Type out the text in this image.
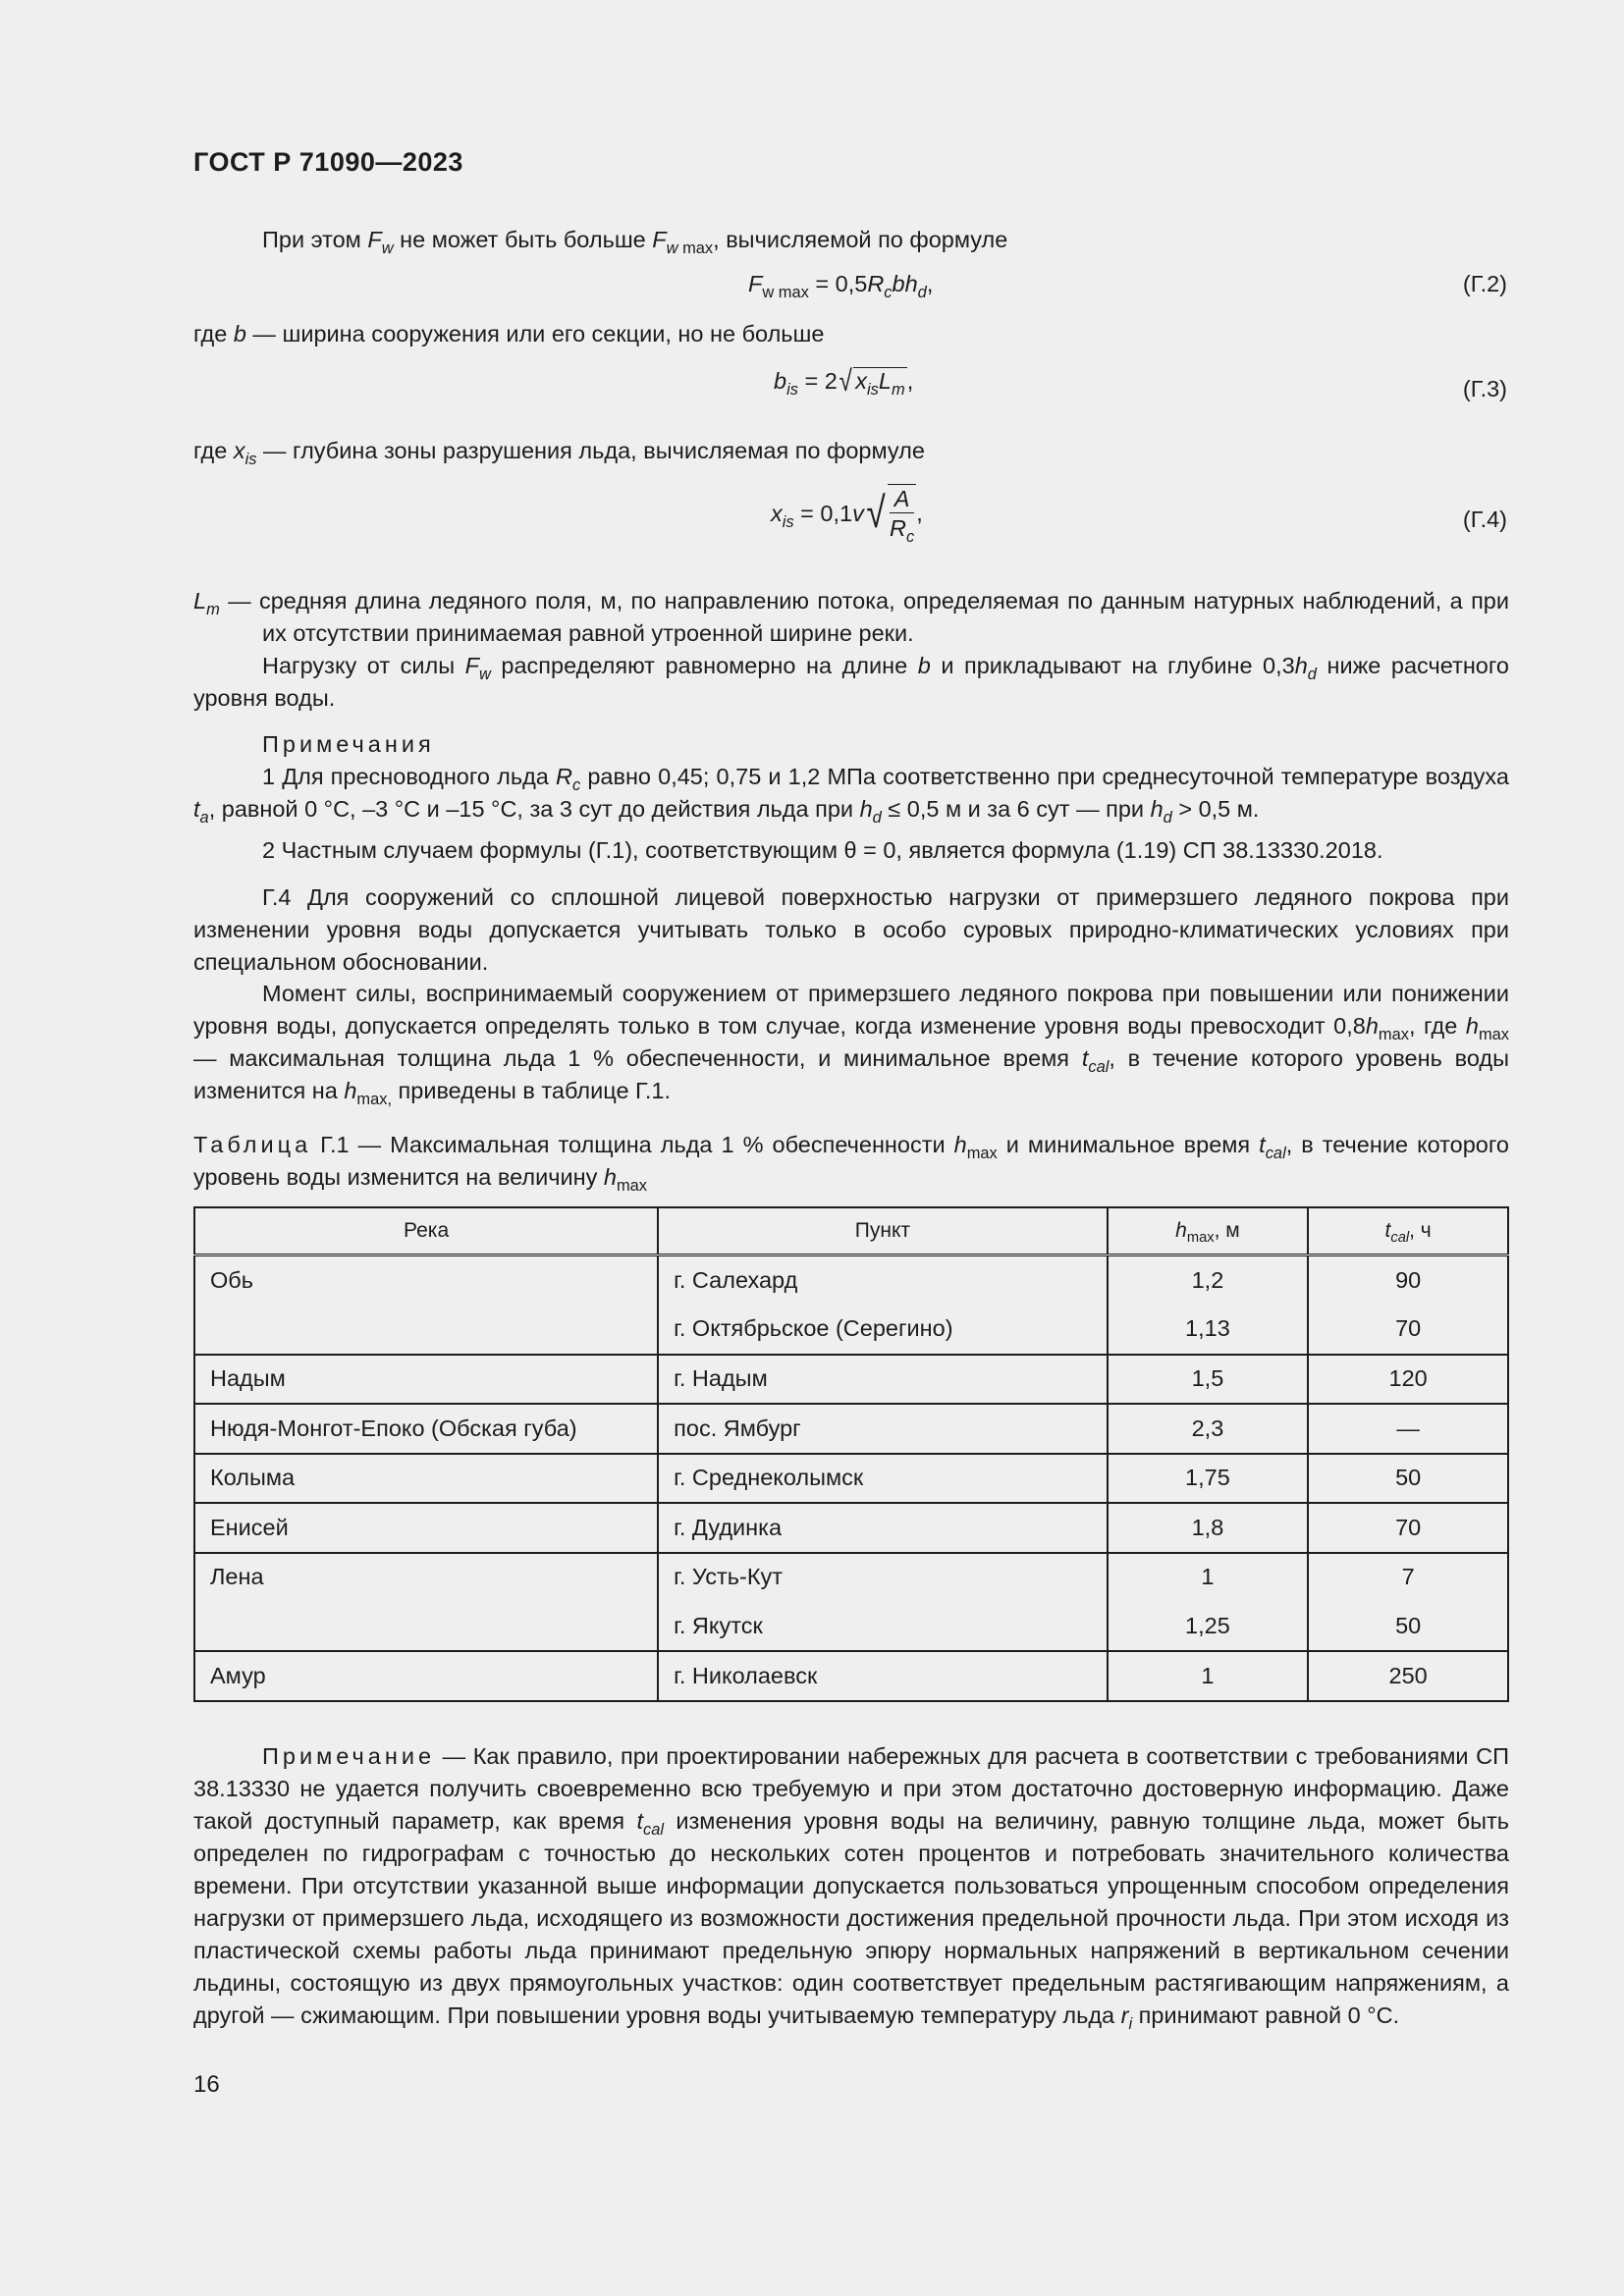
ГОСТ Р 71090—2023
При этом $F_w$ не может быть больше $F_{w max}$, вычисляемой по формуле
$F_{w max} = 0,5R_cbh_d$,	(Г.2)
где b — ширина сооружения или его секции, но не больше
$b_{is} = 2√$ $x_{is}L_m$,	(Г.3)
где $x_{is}$ — глубина зоны разрушения льда, вычисляемая по формуле
$x_{is} = 0,1v√ \frac{A}{R_c}$ ,	(Г.4)
$L_m$ — средняя длина ледяного поля, м, по направлению потока, определяемая по данным натурных наблюдений, а при их отсутствии принимаемая равной утроенной ширине реки.
Нагрузку от силы $F_w$ распределяют равномерно на длине b и прикладывают на глубине $0,3h_d$ ниже расчетного уровня воды.
Примечания
1 Для пресноводного льда $R_c$ равно 0,45; 0,75 и 1,2 МПа соответственно при среднесуточной температуре воздуха $t_a$, равной 0 °С, –3 °С и –15 °С, за 3 сут до действия льда при $h_d \le 0,5$ м и за 6 сут — при $h_d > 0,5$ м.
2 Частным случаем формулы (Г.1), соответствующим θ = 0, является формула (1.19) СП 38.13330.2018.
Г.4 Для сооружений со сплошной лицевой поверхностью нагрузки от примерзшего ледяного покрова при изменении уровня воды допускается учитывать только в особо суровых природно-климатических условиях при специальном обосновании.
Момент силы, воспринимаемый сооружением от примерзшего ледяного покрова при повышении или понижении уровня воды, допускается определять только в том случае, когда изменение уровня воды превосходит $0,8h_{max}$, где $h_{max}$ — максимальная толщина льда 1 % обеспеченности, и минимальное время $t_{cal}$, в течение которого уровень воды изменится на $h_{max,}$ приведены в таблице Г.1.
Таблица Г.1 — Максимальная толщина льда 1 % обеспеченности $h_{max}$ и минимальное время $t_{cal}$, в течение которого уровень воды изменится на величину $h_{max}$
Река	Пункт	$h_{max}$, м	$t_{cal}$, ч
Обь	г. Салехард	1,2	90
	г. Октябрьское (Серегино)	1,13	70
Надым	г. Надым	1,5	120
Нюдя-Монгот-Епоко (Обская губа)	пос. Ямбург	2,3	—
Колыма	г. Среднеколымск	1,75	50
Енисей	г. Дудинка	1,8	70
Лена	г. Усть-Кут	1	7
	г. Якутск	1,25	50
Амур	г. Николаевск	1	250
Примечание — Как правило, при проектировании набережных для расчета в соответствии с требованиями СП 38.13330 не удается получить своевременно всю требуемую и при этом достаточно достоверную информацию. Даже такой доступный параметр, как время $t_{cal}$ изменения уровня воды на величину, равную толщине льда, может быть определен по гидрографам с точностью до нескольких сотен процентов и потребовать значительного количества времени. При отсутствии указанной выше информации допускается пользоваться упрощенным способом определения нагрузки от примерзшего льда, исходящего из возможности достижения предельной прочности льда. При этом исходя из пластической схемы работы льда принимают предельную эпюру нормальных напряжений в вертикальном сечении льдины, состоящую из двух прямоугольных участков: один соответствует предельным растягивающим напряжениям, а другой — сжимающим. При повышении уровня воды учитываемую температуру льда $r_i$ принимают равной 0 °С.
16
